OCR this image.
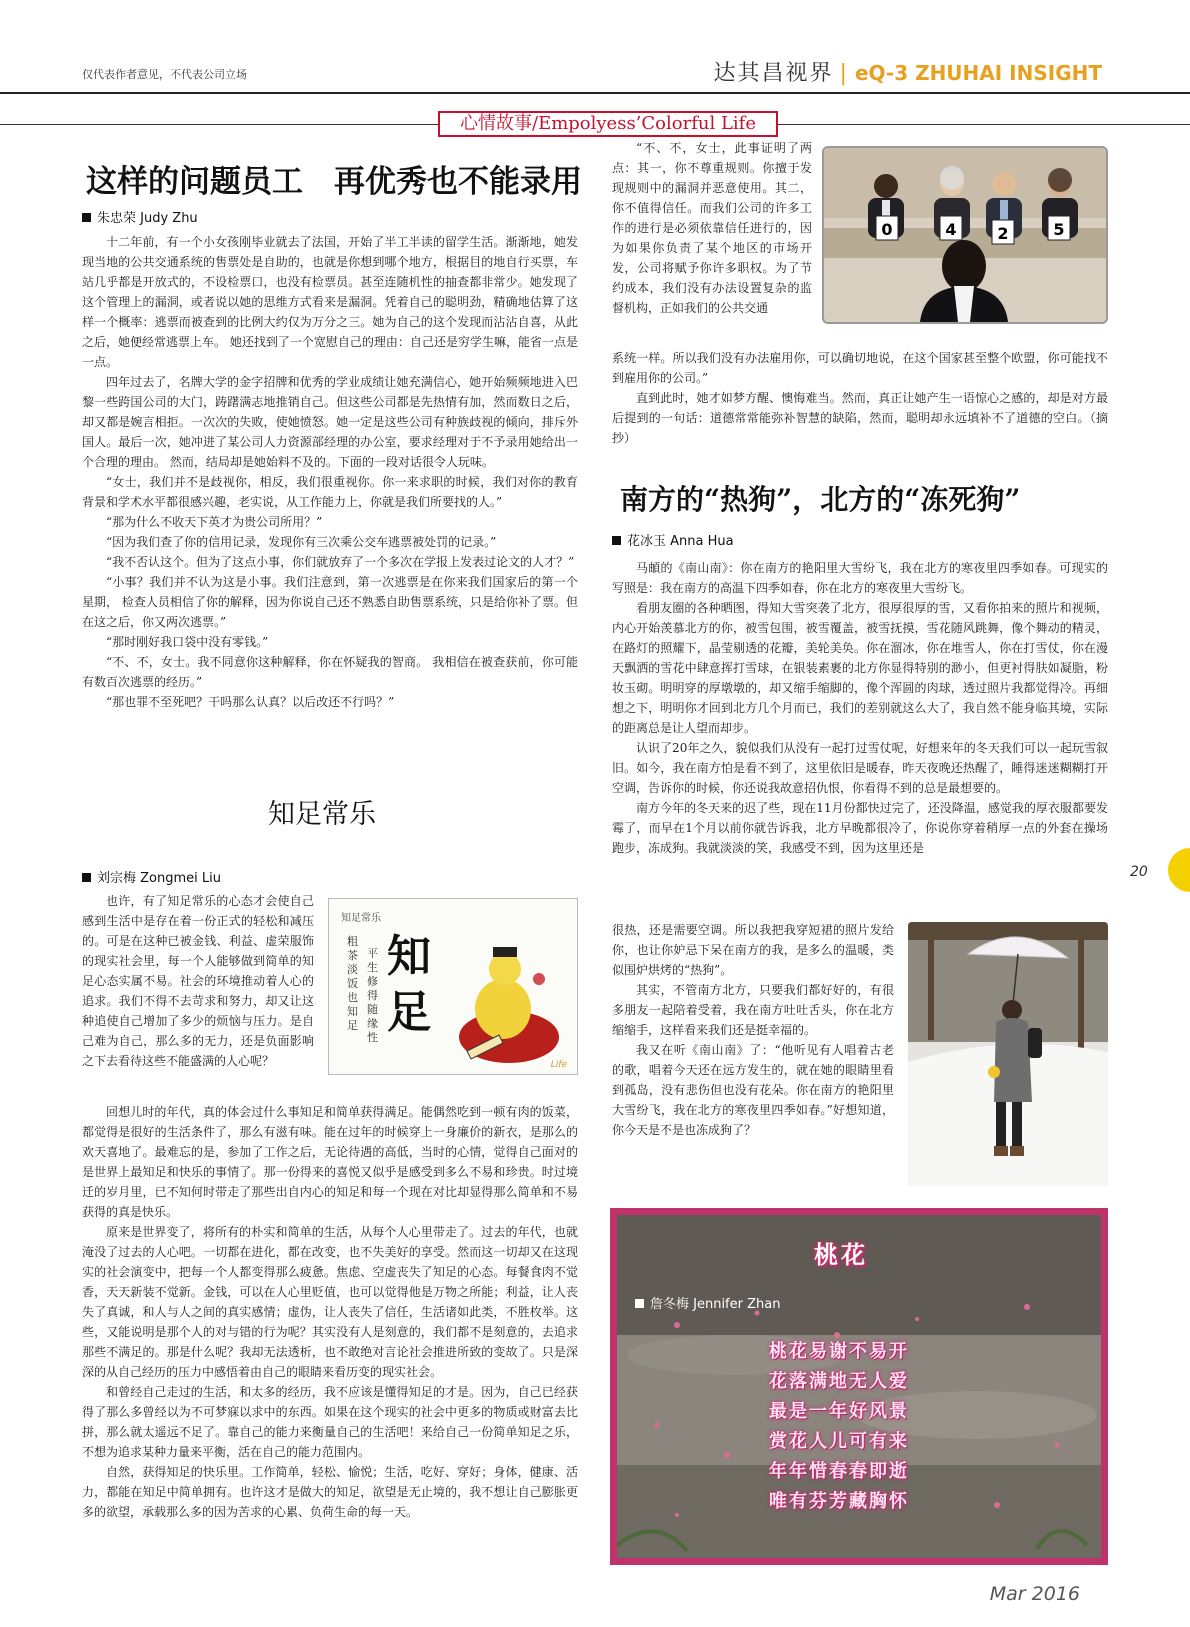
仅代表作者意见，不代表公司立场	达其昌视界 | eQ-3 ZHUHAI INSIGHT
心情故事/Empolyess’Colorful Life
这样的问题员工　再优秀也不能录用
朱忠荣 Judy Zhu

十二年前，有一个小女孩刚毕业就去了法国，开始了半工半读的留学生活。渐渐地，她发现当地的公共交通系统的售票处是自助的，也就是你想到哪个地方，根据目的地自行买票，车站几乎都是开放式的，不设检票口，也没有检票员。甚至连随机性的抽查都非常少。她发现了这个管理上的漏洞，或者说以她的思维方式看来是漏洞。凭着自己的聪明劲，精确地估算了这样一个概率：逃票而被查到的比例大约仅为万分之三。她为自己的这个发现而沾沾自喜，从此之后，她便经常逃票上车。 她还找到了一个宽慰自己的理由：自己还是穷学生嘛，能省一点是一点。

四年过去了，名牌大学的金字招牌和优秀的学业成绩让她充满信心，她开始频频地进入巴黎一些跨国公司的大门，踌躇满志地推销自己。但这些公司都是先热情有加，然而数日之后，却又都是婉言相拒。一次次的失败，使她愤怒。她一定是这些公司有种族歧视的倾向，排斥外国人。最后一次，她冲进了某公司人力资源部经理的办公室，要求经理对于不予录用她给出一个合理的理由。 然而，结局却是她始料不及的。下面的一段对话很令人玩味。

“女士，我们并不是歧视你，相反，我们很重视你。你一来求职的时候，我们对你的教育背景和学术水平都很感兴趣，老实说，从工作能力上，你就是我们所要找的人。”

“那为什么不收天下英才为贵公司所用？”

“因为我们查了你的信用记录，发现你有三次乘公交车逃票被处罚的记录。”

“我不否认这个。但为了这点小事，你们就放弃了一个多次在学报上发表过论文的人才？”

“小事？我们并不认为这是小事。我们注意到，第一次逃票是在你来我们国家后的第一个星期， 检查人员相信了你的解释，因为你说自己还不熟悉自助售票系统，只是给你补了票。但在这之后，你又两次逃票。”

“那时刚好我口袋中没有零钱。”

“不、不，女士。我不同意你这种解释，你在怀疑我的智商。 我相信在被查获前，你可能有数百次逃票的经历。”

“那也罪不至死吧？干吗那么认真？以后改还不行吗？”

“不、不，女士，此事证明了两点：其一，你不尊重规则。你擅于发现规则中的漏洞并恶意使用。其二，你不值得信任。而我们公司的许多工作的进行是必须依靠信任进行的，因为如果你负责了某个地区的市场开发，公司将赋予你许多职权。为了节约成本，我们没有办法设置复杂的监督机构，正如我们的公共交通

系统一样。所以我们没有办法雇用你，可以确切地说，在这个国家甚至整个欧盟，你可能找不到雇用你的公司。”

直到此时，她才如梦方醒、懊悔难当。然而，真正让她产生一语惊心之感的，却是对方最后提到的一句话：道德常常能弥补智慧的缺陷，然而，聪明却永远填补不了道德的空白。（摘抄）

0	4	2	5
知足常乐
刘宗梅 Zongmei Liu

也许，有了知足常乐的心态才会使自己感到生活中是存在着一份正式的轻松和减压的。可是在这种已被金钱、利益、虚荣服饰的现实社会里，每一个人能够做到简单的知足心态实属不易。社会的环境推动着人心的追求。我们不得不去苛求和努力，却又让这种追使自己增加了多少的烦恼与压力。是自己难为自己，那么多的无力，还是负面影响之下去看待这些不能盛满的人心呢？

知足常乐
粗茶淡饭也知足
平生修得随缘性
知足
Life

回想儿时的年代，真的体会过什么事知足和简单获得满足。能偶然吃到一顿有肉的饭菜，都觉得是很好的生活条件了，那么有滋有味。能在过年的时候穿上一身廉价的新衣，是那么的欢天喜地了。最难忘的是，参加了工作之后，无论待遇的高低，当时的心情，觉得自己面对的是世界上最知足和快乐的事情了。那一份得来的喜悦又似乎是感受到多么不易和珍贵。时过境迁的岁月里，已不知何时带走了那些出自内心的知足和每一个现在对比却显得那么简单和不易获得的真是快乐。

原来是世界变了，将所有的朴实和简单的生活，从每个人心里带走了。过去的年代，也就淹没了过去的人心吧。一切都在进化，都在改变，也不失美好的享受。然而这一切却又在这现实的社会演变中，把每一个人都变得那么疲惫。焦虑、空虚丧失了知足的心态。每餐食肉不觉香，天天新装不觉新。金钱，可以在人心里贬值，也可以觉得他是万物之所能；利益，让人丧失了真诚，和人与人之间的真实感情；虚伪，让人丧失了信任，生活诸如此类，不胜枚举。这些，又能说明是那个人的对与错的行为呢？其实没有人是刻意的，我们都不是刻意的，去追求那些不满足的。那是什么呢？我却无法透析，也不敢绝对言论社会推进所致的变故了。只是深深的从自己经历的压力中感悟着由自己的眼睛来看历变的现实社会。

和曾经自己走过的生活，和太多的经历，我不应该是懂得知足的才是。因为，自己已经获得了那么多曾经以为不可梦寐以求中的东西。如果在这个现实的社会中更多的物质或财富去比拼，那么就太遥远不足了。靠自己的能力来衡量自己的生活吧！来给自己一份简单知足之乐，不想为追求某种力量来平衡，活在自己的能力范围内。

自然，获得知足的快乐里。工作简单，轻松、愉悦；生活，吃好、穿好；身体，健康、活力，都能在知足中简单拥有。也许这才是做大的知足，欲望是无止境的，我不想让自己膨胀更多的欲望，承载那么多的因为苦求的心累、负荷生命的每一天。

南方的“热狗”，北方的“冻死狗”
花冰玉 Anna Hua

马頔的《南山南》：你在南方的艳阳里大雪纷飞，我在北方的寒夜里四季如春。可现实的写照是：我在南方的高温下四季如春，你在北方的寒夜里大雪纷飞。

看朋友圈的各种晒图，得知大雪突袭了北方，很厚很厚的雪，又看你拍来的照片和视频，内心开始羡慕北方的你，被雪包围，被雪覆盖，被雪抚摸，雪花随风跳舞，像个舞动的精灵，在路灯的照耀下，晶莹剔透的花瓣，美轮美奂。你在溜冰，你在堆雪人，你在打雪仗，你在漫天飘洒的雪花中肆意挥打雪球，在银装素裹的北方你显得特别的渺小，但更衬得肤如凝脂，粉妆玉砌。明明穿的厚墩墩的，却又缩手缩脚的，像个浑圆的肉球，透过照片我都觉得冷。再细想之下，明明你才回到北方几个月而已，我们的差别就这么大了，我自然不能身临其境，实际的距离总是让人望而却步。

认识了20年之久，貌似我们从没有一起打过雪仗呢，好想来年的冬天我们可以一起玩雪叙旧。如今，我在南方怕是看不到了，这里依旧是暖春，昨天夜晚还热醒了，睡得迷迷糊糊打开空调，告诉你的时候，你还说我故意招仇恨，你看得不到的总是最想要的。

南方今年的冬天来的迟了些，现在11月份都快过完了，还没降温，感觉我的厚衣服都要发霉了，而早在1个月以前你就告诉我，北方早晚都很冷了，你说你穿着稍厚一点的外套在操场跑步，冻成狗。我就淡淡的笑，我感受不到，因为这里还是

很热，还是需要空调。所以我把我穿短裙的照片发给你，也让你妒忌下呆在南方的我，是多么的温暖，类似围炉烘烤的“热狗”。

其实，不管南方北方，只要我们都好好的，有很多朋友一起陪着受着，我在南方吐吐舌头，你在北方缩缩手，这样看来我们还是挺幸福的。

我又在听《南山南》了：“他听见有人唱着古老的歌，唱着今天还在远方发生的，就在她的眼睛里看到孤岛，没有悲伤但也没有花朵。你在南方的艳阳里大雪纷飞，我在北方的寒夜里四季如春。”好想知道，你今天是不是也冻成狗了？

桃花
詹冬梅 Jennifer Zhan
桃花易谢不易开
花落满地无人爱
最是一年好风景
赏花人儿可有来
年年惜春春即逝
唯有芬芳藏胸怀
20
Mar 2016
